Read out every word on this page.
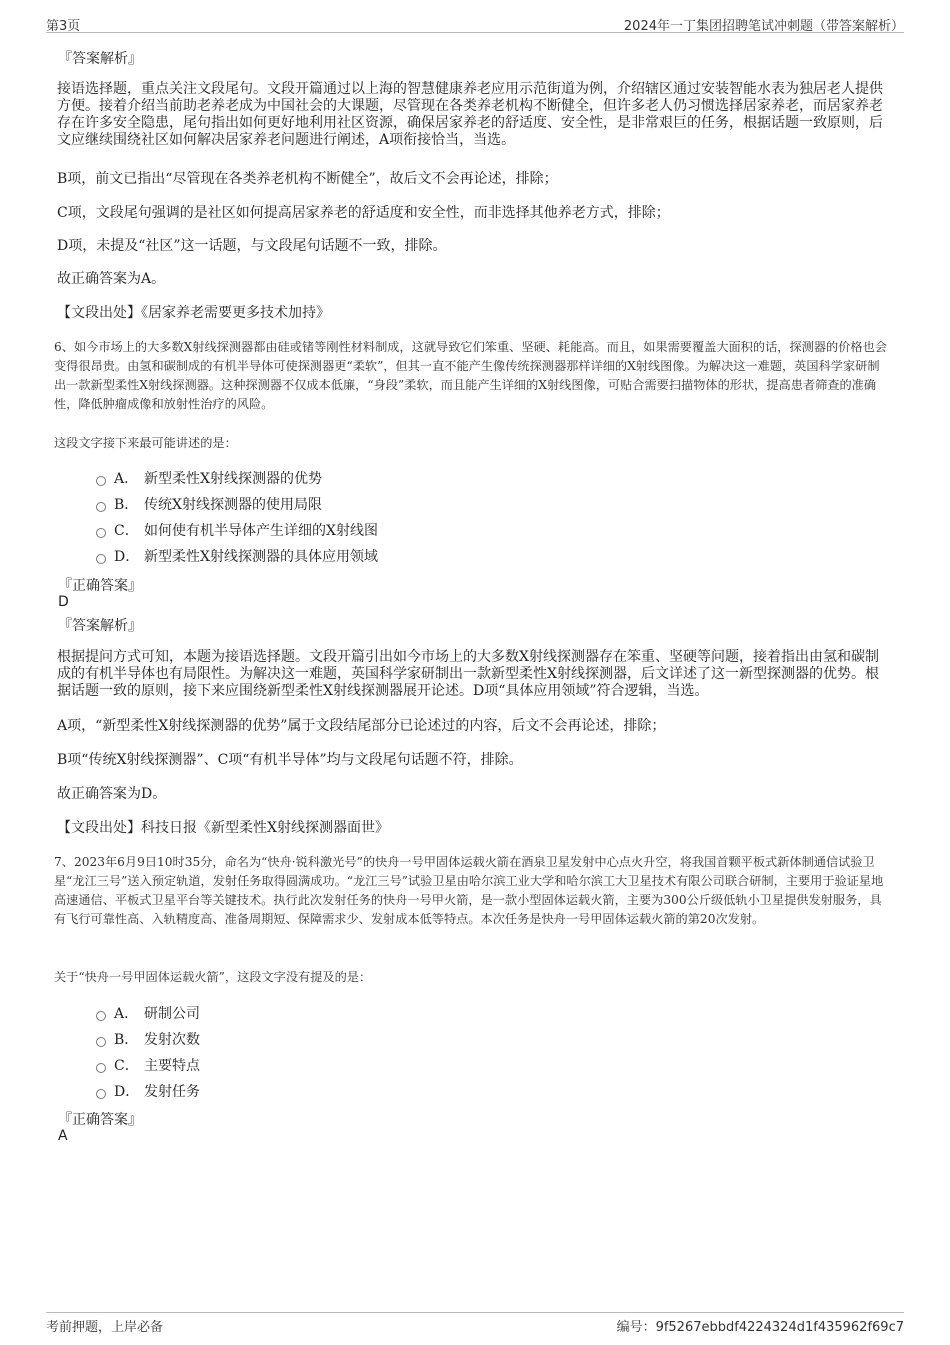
第3页	2024年一丁集团招聘笔试冲刺题（带答案解析）
『答案解析』
接语选择题，重点关注文段尾句。文段开篇通过以上海的智慧健康养老应用示范街道为例，介绍辖区通过安装智能水表为独居老人提供方便。接着介绍当前助老养老成为中国社会的大课题，尽管现在各类养老机构不断健全，但许多老人仍习惯选择居家养老，而居家养老存在许多安全隐患，尾句指出如何更好地利用社区资源，确保居家养老的舒适度、安全性，是非常艰巨的任务，根据话题一致原则，后文应继续围绕社区如何解决居家养老问题进行阐述，A项衔接恰当，当选。
B项，前文已指出“尽管现在各类养老机构不断健全”，故后文不会再论述，排除；
C项，文段尾句强调的是社区如何提高居家养老的舒适度和安全性，而非选择其他养老方式，排除；
D项，未提及“社区”这一话题，与文段尾句话题不一致，排除。
故正确答案为A。
【文段出处】《居家养老需要更多技术加持》
6、如今市场上的大多数X射线探测器都由硅或锗等刚性材料制成，这就导致它们笨重、坚硬、耗能高。而且，如果需要覆盖大面积的话，探测器的价格也会变得很昂贵。由氢和碳制成的有机半导体可使探测器更“柔软”，但其一直不能产生像传统探测器那样详细的X射线图像。为解决这一难题，英国科学家研制出一款新型柔性X射线探测器。这种探测器不仅成本低廉，“身段”柔软，而且能产生详细的X射线图像，可贴合需要扫描物体的形状，提高患者筛查的准确性，降低肿瘤成像和放射性治疗的风险。
这段文字接下来最可能讲述的是：
A． 新型柔性X射线探测器的优势
B． 传统X射线探测器的使用局限
C． 如何使有机半导体产生详细的X射线图
D． 新型柔性X射线探测器的具体应用领域
『正确答案』
D
『答案解析』
根据提问方式可知，本题为接语选择题。文段开篇引出如今市场上的大多数X射线探测器存在笨重、坚硬等问题，接着指出由氢和碳制成的有机半导体也有局限性。为解决这一难题，英国科学家研制出一款新型柔性X射线探测器，后文详述了这一新型探测器的优势。根据话题一致的原则，接下来应围绕新型柔性X射线探测器展开论述。D项“具体应用领域”符合逻辑，当选。
A项，“新型柔性X射线探测器的优势”属于文段结尾部分已论述过的内容，后文不会再论述，排除；
B项“传统X射线探测器”、C项“有机半导体”均与文段尾句话题不符，排除。
故正确答案为D。
【文段出处】科技日报《新型柔性X射线探测器面世》
7、2023年6月9日10时35分，命名为“快舟·锐科激光号”的快舟一号甲固体运载火箭在酒泉卫星发射中心点火升空，将我国首颗平板式新体制通信试验卫星“龙江三号”送入预定轨道，发射任务取得圆满成功。“龙江三号”试验卫星由哈尔滨工业大学和哈尔滨工大卫星技术有限公司联合研制，主要用于验证星地高速通信、平板式卫星平台等关键技术。执行此次发射任务的快舟一号甲火箭，是一款小型固体运载火箭，主要为300公斤级低轨小卫星提供发射服务，具有飞行可靠性高、入轨精度高、准备周期短、保障需求少、发射成本低等特点。本次任务是快舟一号甲固体运载火箭的第20次发射。
关于“快舟一号甲固体运载火箭”，这段文字没有提及的是：
A． 研制公司
B． 发射次数
C． 主要特点
D． 发射任务
『正确答案』
A
考前押题，上岸必备	编号：9f5267ebbdf4224324d1f435962f69c7
